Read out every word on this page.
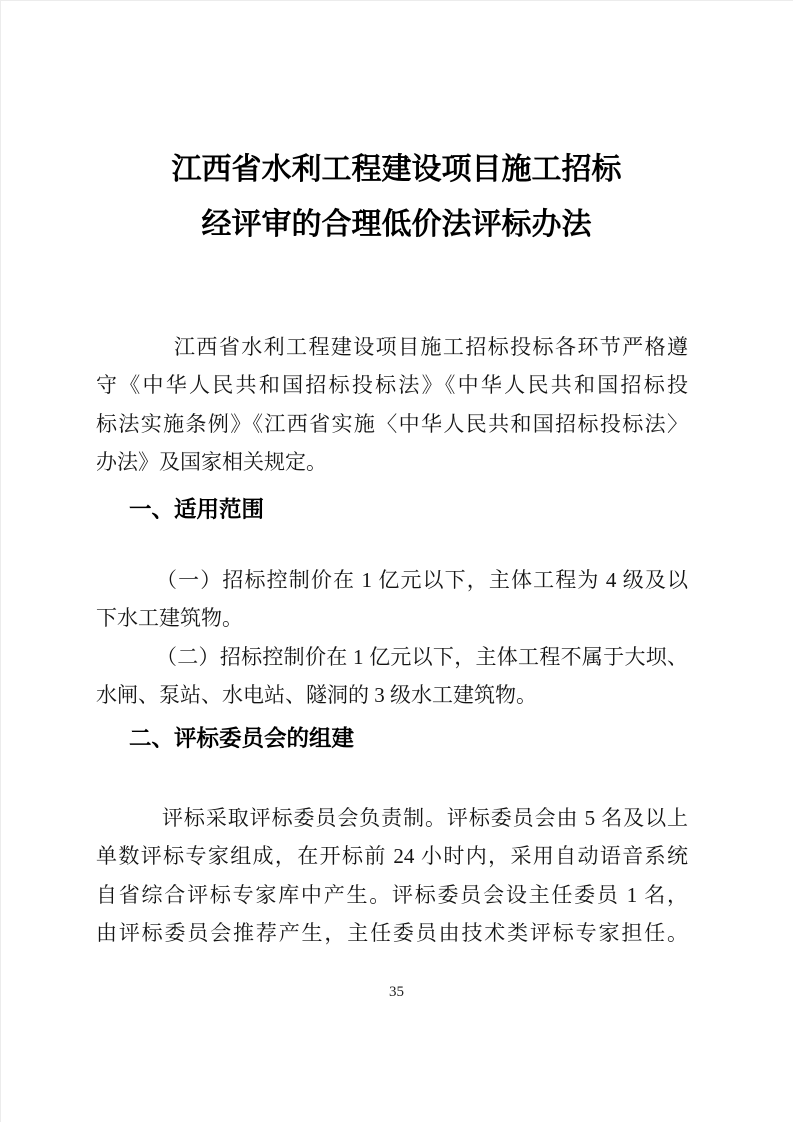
江西省水利工程建设项目施工招标
经评审的合理低价法评标办法
江西省水利工程建设项目施工招标投标各环节严格遵
守《中华人民共和国招标投标法》《中华人民共和国招标投
标法实施条例》《江西省实施〈中华人民共和国招标投标法〉
办法》及国家相关规定。
一、适用范围
（一）招标控制价在 1 亿元以下，主体工程为 4 级及以
下水工建筑物。
（二）招标控制价在 1 亿元以下，主体工程不属于大坝、
水闸、泵站、水电站、隧洞的 3 级水工建筑物。
二、评标委员会的组建
评标采取评标委员会负责制。评标委员会由 5 名及以上
单数评标专家组成，在开标前 24 小时内，采用自动语音系统
自省综合评标专家库中产生。评标委员会设主任委员 1 名，
由评标委员会推荐产生，主任委员由技术类评标专家担任。
35
